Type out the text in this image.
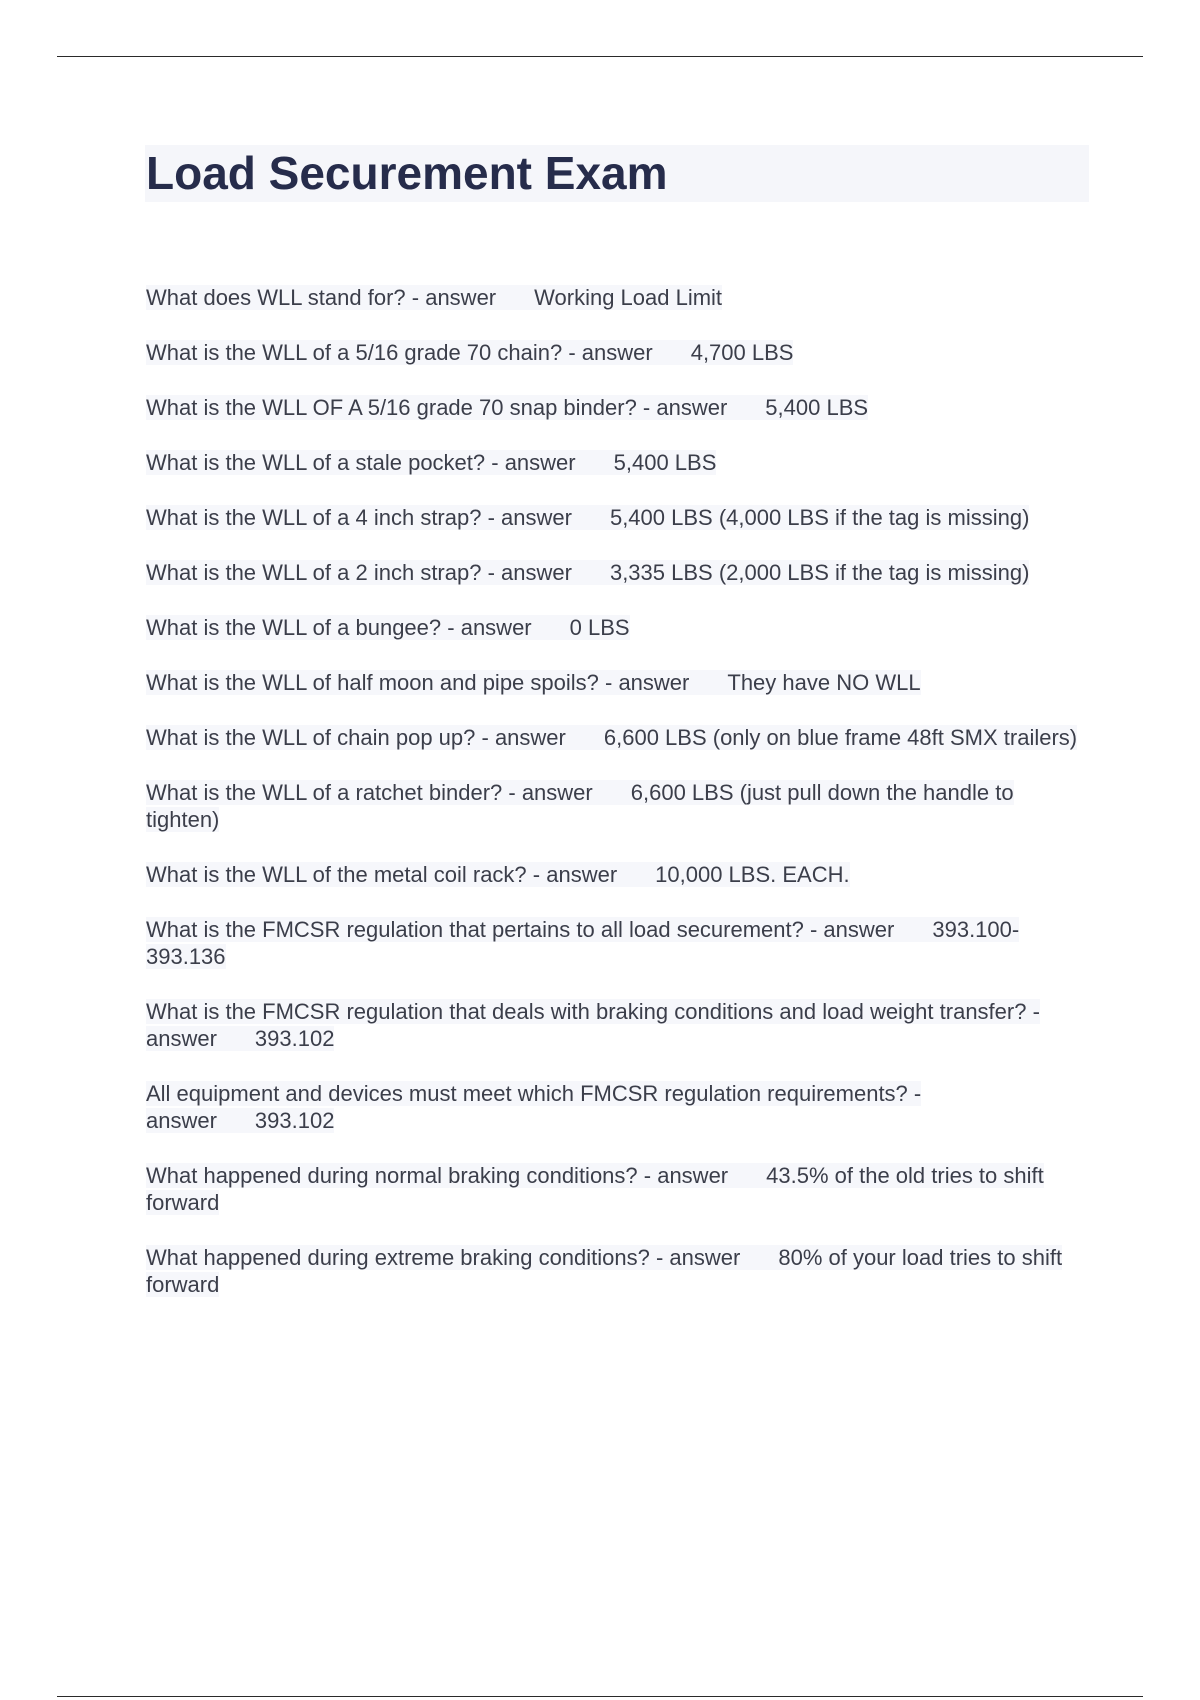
Load Securement Exam
What does WLL stand for? - answer Working Load Limit
What is the WLL of a 5/16 grade 70 chain? - answer 4,700 LBS
What is the WLL OF A 5/16 grade 70 snap binder? - answer 5,400 LBS
What is the WLL of a stale pocket? - answer 5,400 LBS
What is the WLL of a 4 inch strap? - answer 5,400 LBS (4,000 LBS if the tag is missing)
What is the WLL of a 2 inch strap? - answer 3,335 LBS (2,000 LBS if the tag is missing)
What is the WLL of a bungee? - answer 0 LBS
What is the WLL of half moon and pipe spoils? - answer They have NO WLL
What is the WLL of chain pop up? - answer 6,600 LBS (only on blue frame 48ft SMX trailers)
What is the WLL of a ratchet binder? - answer 6,600 LBS (just pull down the handle to tighten)
What is the WLL of the metal coil rack? - answer 10,000 LBS. EACH.
What is the FMCSR regulation that pertains to all load securement? - answer 393.100-393.136
What is the FMCSR regulation that deals with braking conditions and load weight transfer? - answer 393.102
All equipment and devices must meet which FMCSR regulation requirements? - answer 393.102
What happened during normal braking conditions? - answer 43.5% of the old tries to shift forward
What happened during extreme braking conditions? - answer 80% of your load tries to shift forward
